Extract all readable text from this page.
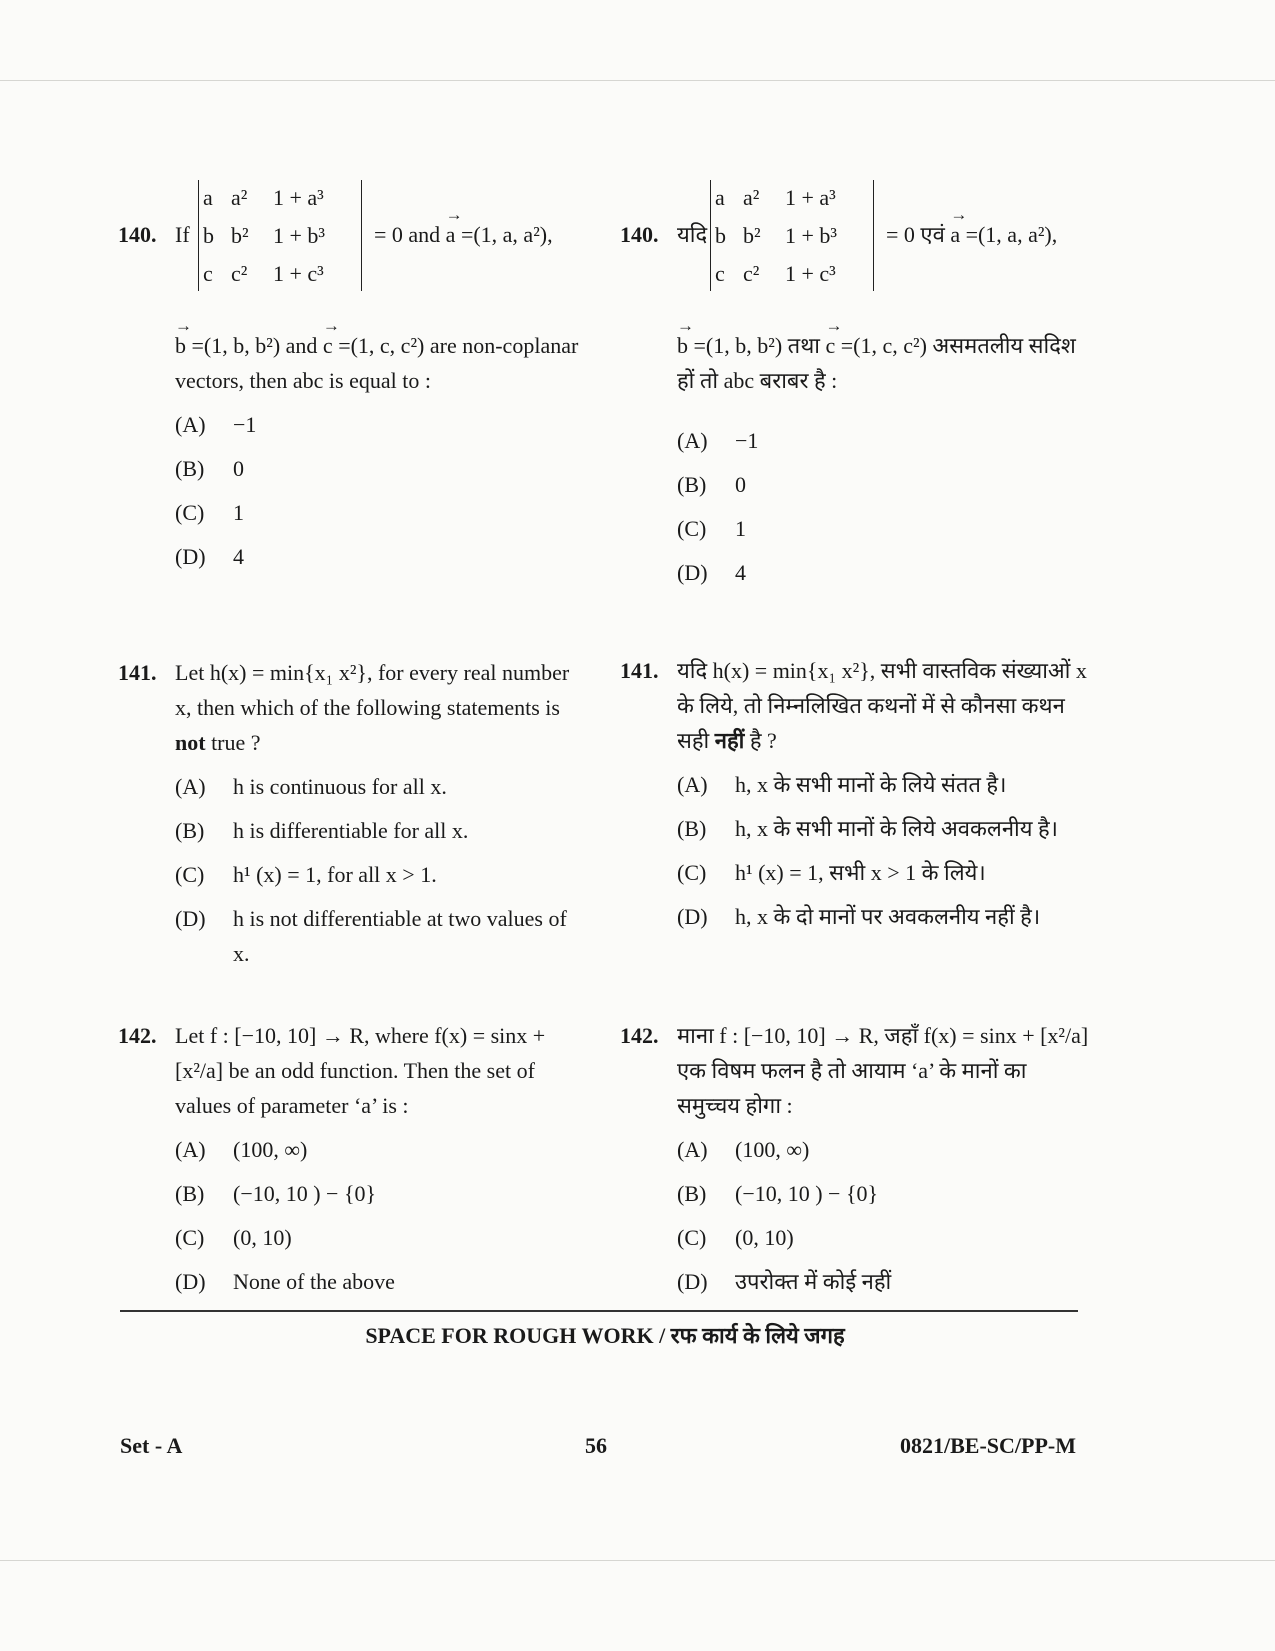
140. If
a a²	1 + a³
b b²	1 + b³
c c²	1 + c³
= 0 and → a =(1, a, a²),
→ b =(1, b, b²) and → c =(1, c, c²) are non-coplanar vectors, then abc is equal to :
(A)	−1
(B)	0
(C)	1
(D)	4
141. Let h(x) = min{x₁ x²}, for every real number x, then which of the following statements is not true ?
(A)	h is continuous for all x.
(B)	h is differentiable for all x.
(C)	h¹ (x) = 1, for all x > 1.
(D)	h is not differentiable at two values of x.
142. Let f : [−10, 10] → R, where f(x) = sinx + [x²/a] be an odd function. Then the set of values of parameter ‘a’ is :
(A)	(100, ∞)
(B)	(−10, 10 ) − {0}
(C)	(0, 10)
(D)	None of the above
140. यदि
a a²	1 + a³
b b²	1 + b³
c c²	1 + c³
= 0 एवं → a =(1, a, a²),
→ b =(1, b, b²) तथा → c =(1, c, c²) असमतलीय सदिश हों तो abc बराबर है :
(A)	−1
(B)	0
(C)	1
(D)	4
141. यदि h(x) = min{x₁ x²}, सभी वास्तविक संख्याओं x के लिये, तो निम्नलिखित कथनों में से कौनसा कथन सही नहीं है ?
(A)	h, x के सभी मानों के लिये संतत है।
(B)	h, x के सभी मानों के लिये अवकलनीय है।
(C)	h¹ (x) = 1, सभी x > 1 के लिये।
(D)	h, x के दो मानों पर अवकलनीय नहीं है।
142. माना f : [−10, 10] → R, जहाँ f(x) = sinx + [x²/a] एक विषम फलन है तो आयाम ‘a’ के मानों का समुच्चय होगा :
(A)	(100, ∞)
(B)	(−10, 10 ) − {0}
(C)	(0, 10)
(D)	उपरोक्त में कोई नहीं
SPACE FOR ROUGH WORK / रफ कार्य के लिये जगह
Set - A	56	0821/BE-SC/PP-M
